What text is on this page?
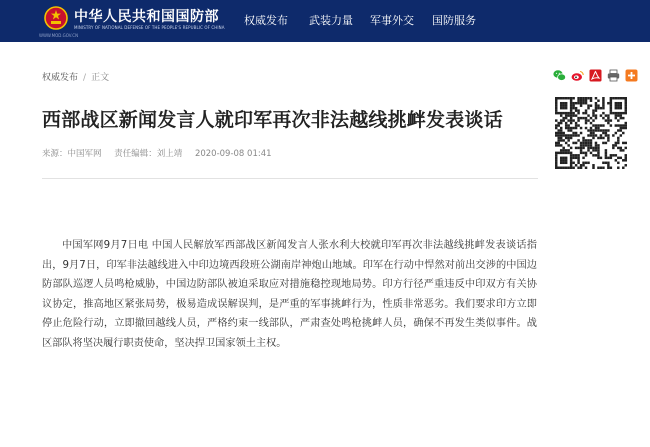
中华人民共和国国防部
MINISTRY OF NATIONAL DEFENSE OF THE PEOPLE'S REPUBLIC OF CHINA
WWW.MOD.GOV.CN
权威发布 武装力量 军事外交 国防服务
权威发布 / 正文
西部战区新闻发言人就印军再次非法越线挑衅发表谈话
来源：中国军网 责任编辑：刘上靖 2020-09-08 01:41

中国军网9月7日电 中国人民解放军西部战区新闻发言人张水利大校就印军再次非法越线挑衅发表谈话指出，9月7日，印军非法越线进入中印边境西段班公湖南岸神炮山地域。印军在行动中悍然对前出交涉的中国边防部队巡逻人员鸣枪威胁，中国边防部队被迫采取应对措施稳控现地局势。印方行径严重违反中印双方有关协议协定，推高地区紧张局势，极易造成误解误判，是严重的军事挑衅行为，性质非常恶劣。我们要求印方立即停止危险行动，立即撤回越线人员，严格约束一线部队，严肃查处鸣枪挑衅人员，确保不再发生类似事件。战区部队将坚决履行职责使命，坚决捍卫国家领土主权。
